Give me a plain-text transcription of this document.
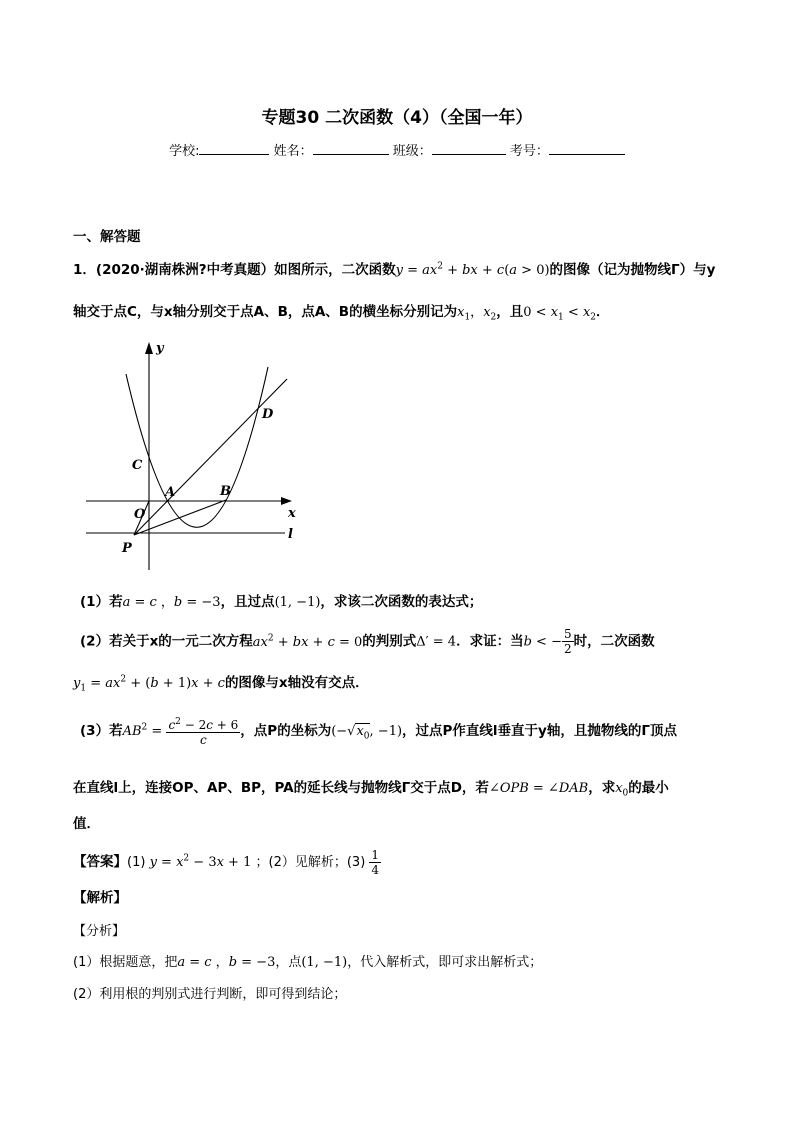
专题30 二次函数（4）（全国一年）
学校:	姓名：	班级：	考号：
一、解答题
1．(2020·湖南株洲?中考真题）如图所示，二次函数$y = ax^2$ + bx + c(a > 0)的图像（记为抛物线Γ）与y
轴交于点C，与x轴分别交于点A、B，点A、B的横坐标分别记为$x_1$，$x_2$，且$0 < x_1 < x_2$．
y
x
l
C
A	B
D
O
P
(1）若a = c ，b = −3，且过点(1, −1)，求该二次函数的表达式；
(2）若关于x的一元二次方程$ax^2$ + bx + c = 0的判别式Δ′ = 4．求证：当b < − $\frac{5}{2}$ 时，二次函数
$y_1 = ax^2 + (b + 1)x + c$的图像与x轴没有交点．
(3）若$AB^2 = \frac{c^2 - 2c + 6}{c}$ ，点P的坐标为($-√x_0$, −1)，过点P作直线l垂直于y轴，且抛物线的Γ顶点
在直线l上，连接OP、AP、BP，PA的延长线与抛物线Γ交于点D，若∠OPB = ∠DAB，求$x_0$的最小
值．
【答案】(1) $y = x^2 - 3x + 1$ ；(2）见解析；$(3) \frac{1}{4}$
【解析】
【分析】
(1）根据题意，把a = c ，b = −3，点(1, −1)，代入解析式，即可求出解析式；
(2）利用根的判别式进行判断，即可得到结论；
